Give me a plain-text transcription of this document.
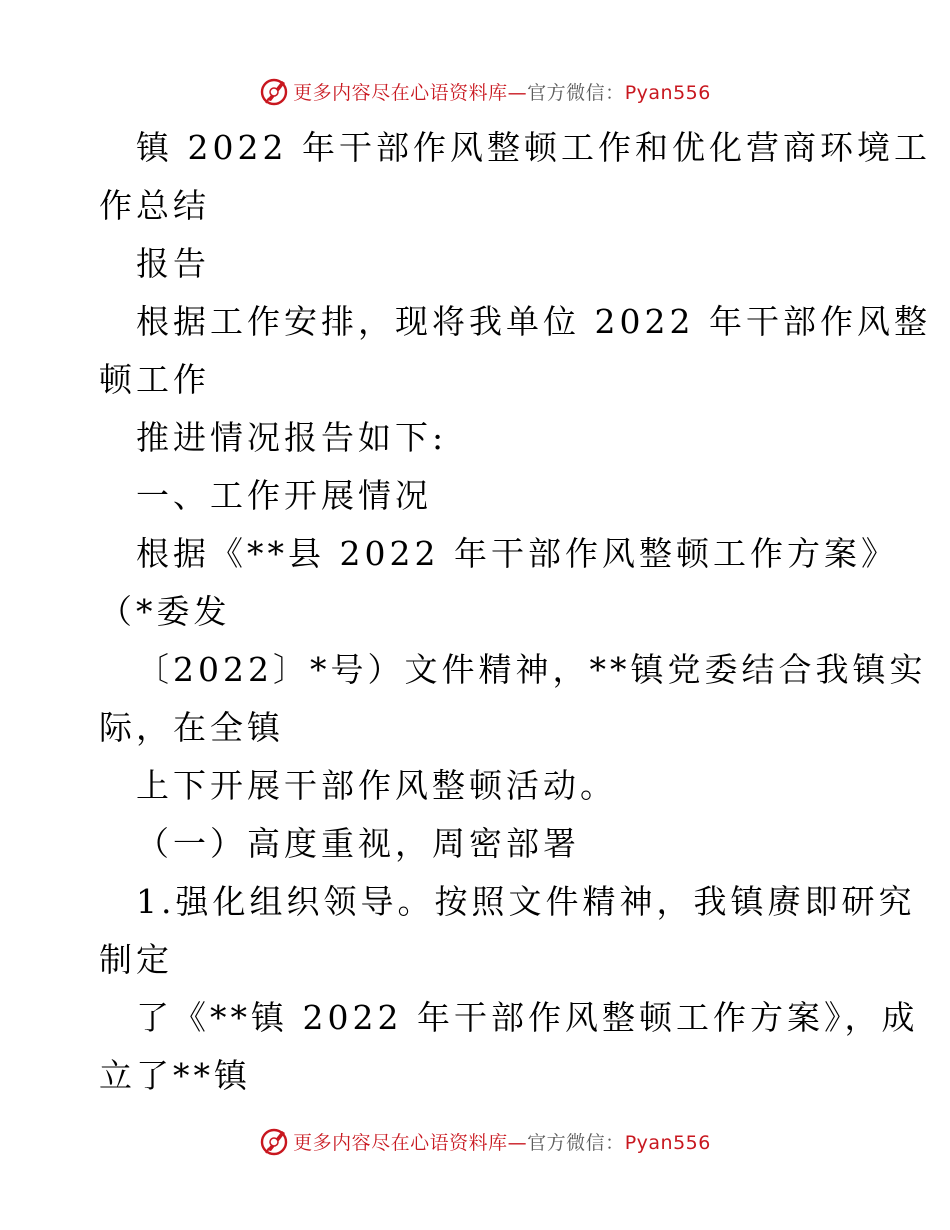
更多内容尽在心语资料库—官方微信：Pyan556
镇 2022 年干部作风整顿工作和优化营商环境工
作总结
报告
根据工作安排，现将我单位 2022 年干部作风整
顿工作
推进情况报告如下:
一、工作开展情况
根据《**县 2022 年干部作风整顿工作方案》
（*委发
〔2022〕*号）文件精神，**镇党委结合我镇实
际，在全镇
上下开展干部作风整顿活动。
（一）高度重视，周密部署
1.强化组织领导。按照文件精神，我镇赓即研究
制定
了《**镇 2022 年干部作风整顿工作方案》，成
立了**镇
更多内容尽在心语资料库—官方微信：Pyan556
